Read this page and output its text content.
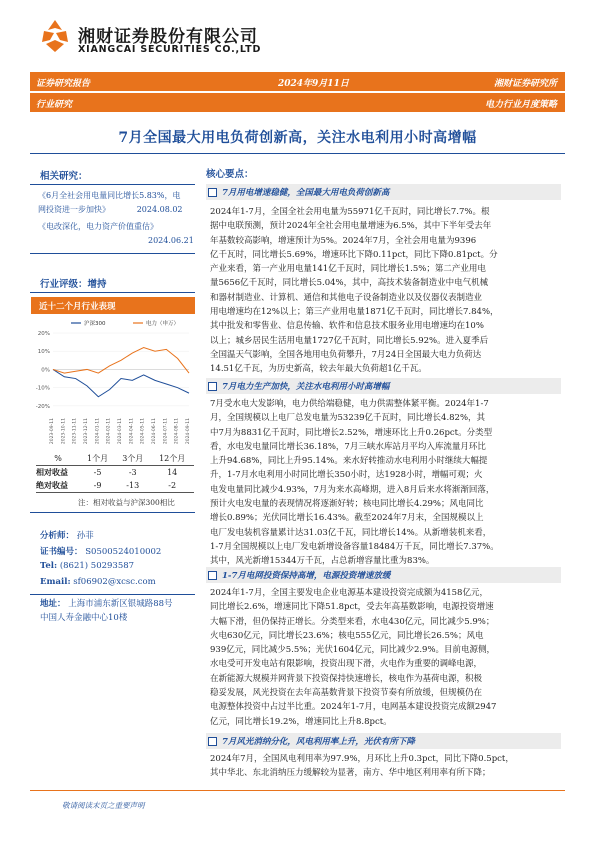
湘财证券股份有限公司
XIANGCAI SECURITIES CO.,LTD
证券研究报告	2024年9月11日	湘财证券研究所
行业研究	电力行业月度策略
7月全国最大用电负荷创新高，关注水电利用小时高增幅
相关研究：
《6月全社会用电量同比增长5.83%，电
网投资进一步加快》	2024.08.02
《电改深化，电力资产价值重估》
2024.06.21
行业评级：增持
近十二个月行业表现
-20%
-10%
0%
10%
20%
2023-09-11 2023-10-11 2023-11-11 2023-12-11 2024-01-11 2024-02-11 2024-03-11 2024-04-11 2024-05-11 2024-06-11 2024-07-11 2024-08-11 2024-09-11
沪深300	电力（申万）
%	1个月	3个月	12个月
相对收益	-5	-3	14
绝对收益	-9	-13	-2
注：相对收益与沪深300相比
分析师： 孙菲
证书编号： S0500524010002
Tel: (8621) 50293587
Email: sf06902@xcsc.com
地址： 上海市浦东新区银城路88号
中国人寿金融中心10楼
核心要点：
7月用电增速稳健，全国最大用电负荷创新高
2024年1-7月，全国全社会用电量为55971亿千瓦时，同比增长7.7%。根
据中电联预测，预计2024年全社会用电量增速为6.5%，其中下半年受去年
年基数较高影响，增速预计为5%。2024年7月，全社会用电量为9396
亿千瓦时，同比增长5.69%，增速环比下降0.11pct，同比下降0.81pct。分
产业来看，第一产业用电量141亿千瓦时，同比增长1.5%；第二产业用电
量5656亿千瓦时，同比增长5.04%，其中，高技术装备制造业中电气机械
和器材制造业、计算机、通信和其他电子设备制造业以及仪器仪表制造业
用电增速均在12%以上；第三产业用电量1871亿千瓦时，同比增长7.84%，
其中批发和零售业、信息传输、软件和信息技术服务业用电增速均在10%
以上；城乡居民生活用电量1727亿千瓦时，同比增长5.92%。进入夏季后
全国温天气影响，全国各地用电负荷攀升，7月24日全国最大电力负荷达
14.51亿千瓦，为历史新高，较去年最大负荷超1亿千瓦。
7月电力生产加快，关注水电利用小时高增幅
7月受水电大发影响，电力供给端稳健，电力供需整体紧平衡。2024年1-7
月，全国规模以上电厂总发电量为53239亿千瓦时，同比增长4.82%，其
中7月为8831亿千瓦时，同比增长2.52%，增速环比上升0.26pct。分类型
看，水电发电量同比增长36.18%，7月三峡水库站月平均入库流量月环比
上升94.68%，同比上升95.14%。来水好转推动水电利用小时继续大幅提
升，1-7月水电利用小时同比增长350小时，达1928小时，增幅可观；火
电发电量同比减少4.93%，7月为来水高峰期，进入8月后来水将渐渐回落，
预计火电发电量的表现情况将逐渐好转；核电同比增长4.29%；风电同比
增长0.89%；光伏同比增长16.43%。截至2024年7月末，全国规模以上
电厂发电装机容量累计达31.03亿千瓦，同比增长14%。从新增装机来看，
1-7月全国规模以上电厂发电新增设备容量18484万千瓦，同比增长7.37%。
其中，风光新增15344万千瓦，占总新增容量比重为83%。
1-7月电网投资保持高增，电源投资增速放缓
2024年1-7月，全国主要发电企业电源基本建设投资完成额为4158亿元，
同比增长2.6%，增速同比下降51.8pct，受去年高基数影响，电源投资增速
大幅下滑，但仍保持正增长。分类型来看，水电430亿元，同比减少5.9%；
火电630亿元，同比增长23.6%；核电555亿元，同比增长26.5%；风电
939亿元，同比减少5.5%；光伏1604亿元，同比减少2.9%。目前电源侧，
水电受可开发电站有限影响，投资出现下滑，火电作为重要的调峰电源，
在新能源大规模并网背景下投资保持快速增长，核电作为基荷电源，积极
稳妥发展，风光投资在去年高基数背景下投资节奏有所放缓，但规模仍在
电源整体投资中占过半比重。2024年1-7月，电网基本建设投资完成额2947
亿元，同比增长19.2%，增速同比上升8.8pct。
7月风光消纳分化，风电利用率上升，光伏有所下降
2024年7月，全国风电利用率为97.9%，月环比上升0.3pct，同比下降0.5pct，
其中华北、东北消纳压力缓解较为显著，南方、华中地区利用率有所下降；
敬请阅读末页之重要声明
